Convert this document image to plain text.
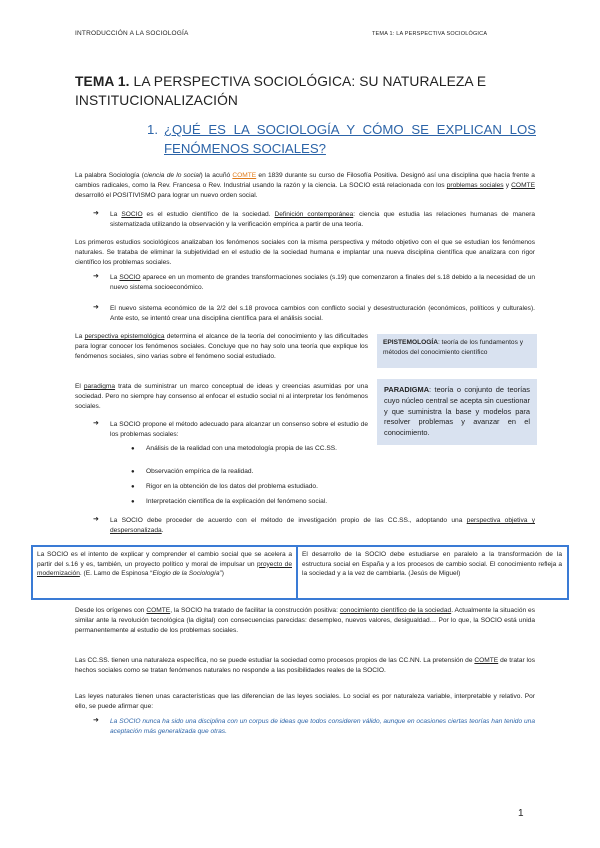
INTRODUCCIÓN A LA SOCIOLOGÍA	TEMA 1: LA PERSPECTIVA SOCIOLÓGICA
TEMA 1. LA PERSPECTIVA SOCIOLÓGICA: SU NATURALEZA E
INSTITUCIONALIZACIÓN
1. ¿QUÉ ES LA SOCIOLOGÍA Y CÓMO SE EXPLICAN LOS
FENÓMENOS SOCIALES?
La palabra Sociología (ciencia de lo social) la acuñó COMTE en 1839 durante su curso de Filosofía Positiva. Designó así una disciplina que hacía frente a cambios radicales, como la Rev. Francesa o Rev. Industrial usando la razón y la ciencia. La SOCIO está relacionada con los problemas sociales y COMTE desarrolló el POSITIVISMO para lograr un nuevo orden social.
➜ La SOCIO es el estudio científico de la sociedad. Definición contemporánea: ciencia que estudia las relaciones humanas de manera sistematizada utilizando la observación y la verificación empírica a partir de una teoría.
Los primeros estudios sociológicos analizaban los fenómenos sociales con la misma perspectiva y método objetivo con el que se estudian los fenómenos naturales. Se trataba de eliminar la subjetividad en el estudio de la sociedad humana e implantar una nueva disciplina científica que analizara con rigor científico los problemas sociales.
➜ La SOCIO aparece en un momento de grandes transformaciones sociales (s.19) que comenzaron a finales del s.18 debido a la necesidad de un nuevo sistema socioeconómico.
➜ El nuevo sistema económico de la 2/2 del s.18 provoca cambios con conflicto social y desestructuración (económicos, políticos y culturales). Ante esto, se intentó crear una disciplina científica para el análisis social.
La perspectiva epistemológica determina el alcance de la teoría del conocimiento y las dificultades para lograr conocer los fenómenos sociales. Concluye que no hay solo una teoría que explique los fenómenos sociales, sino varias sobre el fenómeno social estudiado.
EPISTEMOLOGÍA: teoría de los fundamentos y métodos del conocimiento científico
El paradigma trata de suministrar un marco conceptual de ideas y creencias asumidas por una sociedad. Pero no siempre hay consenso al enfocar el estudio social ni al interpretar los fenómenos sociales.
PARADIGMA: teoría o conjunto de teorías cuyo núcleo central se acepta sin cuestionar y que suministra la base y modelos para resolver problemas y avanzar en el conocimiento.
➜ La SOCIO propone el método adecuado para alcanzar un consenso sobre el estudio de los problemas sociales:
● Análisis de la realidad con una metodología propia de las CC.SS.
● Observación empírica de la realidad.
● Rigor en la obtención de los datos del problema estudiado.
● Interpretación científica de la explicación del fenómeno social.
➜ La SOCIO debe proceder de acuerdo con el método de investigación propio de las CC.SS., adoptando una perspectiva objetiva y despersonalizada.
La SOCIO es el intento de explicar y comprender el cambio social que se acelera a partir del s.16 y es, también, un proyecto político y moral de impulsar un proyecto de modernización. (E. Lamo de Espinosa “Elogio de la Sociología”)
El desarrollo de la SOCIO debe estudiarse en paralelo a la transformación de la estructura social en España y a los procesos de cambio social. El conocimiento refleja a la sociedad y a la vez de cambiarla. (Jesús de Miguel)
Desde los orígenes con COMTE, la SOCIO ha tratado de facilitar la construcción positiva: conocimiento científico de la sociedad. Actualmente la situación es similar ante la revolución tecnológica (la digital) con consecuencias parecidas: desempleo, nuevos valores, desigualdad… Por lo que, la SOCIO está unida permanentemente al estudio de los problemas sociales.
Las CC.SS. tienen una naturaleza específica, no se puede estudiar la sociedad como procesos propios de las CC.NN. La pretensión de COMTE de tratar los hechos sociales como se tratan fenómenos naturales no responde a las posibilidades reales de la SOCIO.
Las leyes naturales tienen unas características que las diferencian de las leyes sociales. Lo social es por naturaleza variable, interpretable y relativo. Por ello, se puede afirmar que:
➜ La SOCIO nunca ha sido una disciplina con un corpus de ideas que todos consideren válido, aunque en ocasiones ciertas teorías han tenido una aceptación más generalizada que otras.
1
